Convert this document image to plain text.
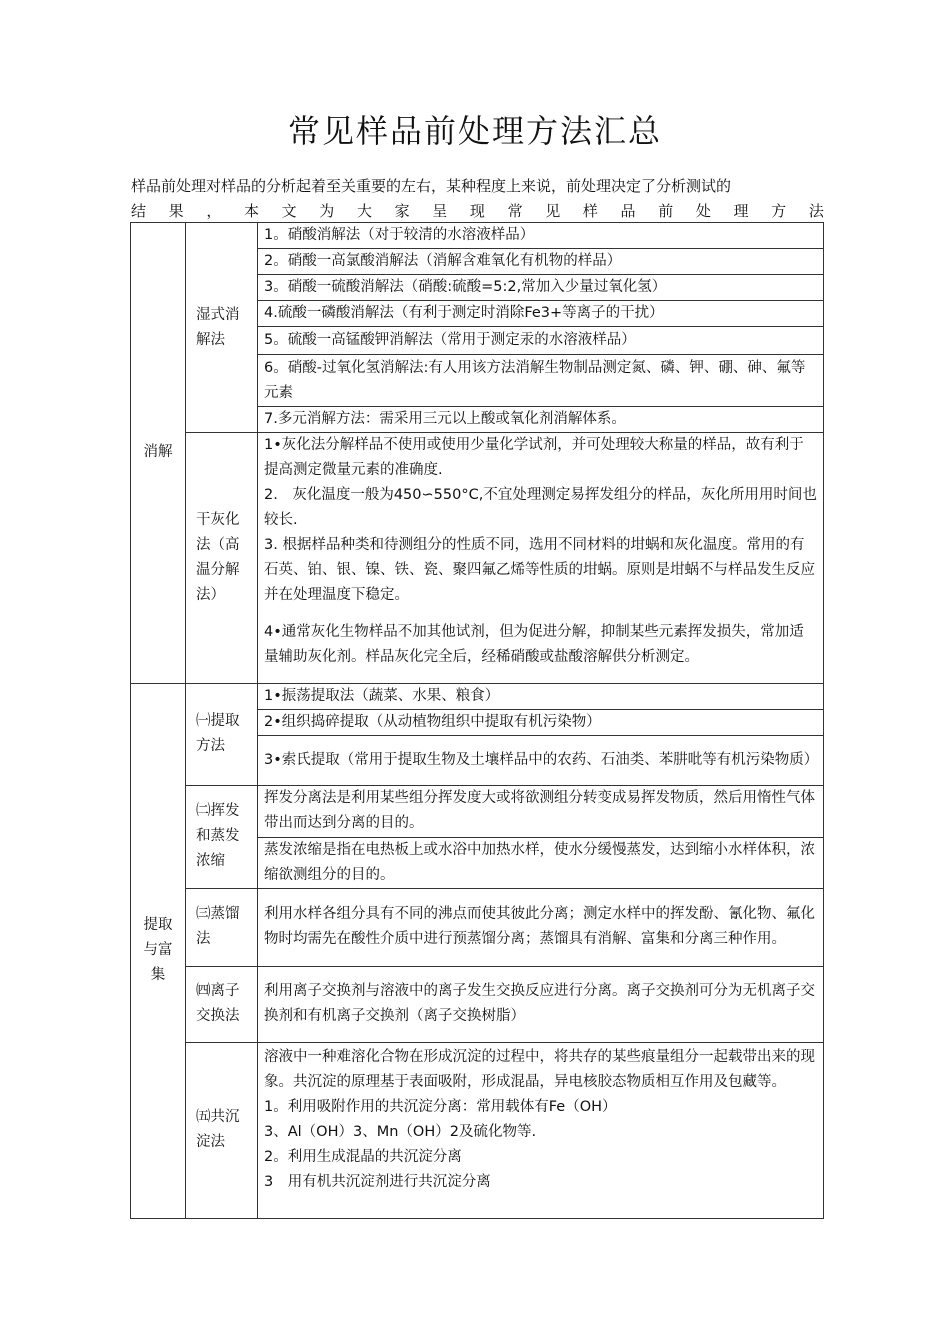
常见样品前处理方法汇总
样品前处理对样品的分析起着至关重要的左右，某种程度上来说，前处理决定了分析测试的
结 果 ， 本 文 为 大 家 呈 现 常 见 样 品 前 处 理 方 法
消解	湿式消解法	1。硝酸消解法（对于较清的水溶液样品）
		2。硝酸一高氯酸消解法（消解含难氧化有机物的样品）
		3。硝酸一硫酸消解法（硝酸:硫酸=5:2,常加入少量过氧化氢）
		4.硫酸一磷酸消解法（有利于测定时消除Fe3+等离子的干扰）
		5。硫酸一高锰酸钾消解法（常用于测定汞的水溶液样品）
		6。硝酸-过氧化氢消解法:有人用该方法消解生物制品测定氮、磷、钾、硼、砷、氟等元素
		7.多元消解方法：需采用三元以上酸或氧化剂消解体系。
	干灰化法（高温分解法）	1•灰化法分解样品不使用或使用少量化学试剂，并可处理较大称量的样品，故有利于提高测定微量元素的准确度.
		2.　灰化温度一般为450∽550°C,不宜处理测定易挥发组分的样品，灰化所用用时间也较长.
		3. 根据样品种类和待测组分的性质不同，选用不同材料的坩蜗和灰化温度。常用的有石英、铂、银、镍、铁、瓷、聚四氟乙烯等性质的坩蜗。原则是坩蜗不与样品发生反应并在处理温度下稳定。
		4•通常灰化生物样品不加其他试剂，但为促进分解，抑制某些元素挥发损失，常加适量辅助灰化剂。样品灰化完全后，经稀硝酸或盐酸溶解供分析测定。
提取与富集	㈠提取方法	1•振荡提取法（蔬菜、水果、粮食）
		2•组织捣碎提取（从动植物组织中提取有机污染物）
		3•索氏提取（常用于提取生物及土壤样品中的农药、石油类、苯肼吡等有机污染物质）
	㈡挥发和蒸发浓缩	挥发分离法是利用某些组分挥发度大或将欲测组分转变成易挥发物质，然后用惰性气体带出而达到分离的目的。
		蒸发浓缩是指在电热板上或水浴中加热水样，使水分缓慢蒸发，达到缩小水样体积，浓缩欲测组分的目的。
	㈢蒸馏法	利用水样各组分具有不同的沸点而使其彼此分离；测定水样中的挥发酚、氰化物、氟化物时均需先在酸性介质中进行预蒸馏分离；蒸馏具有消解、富集和分离三种作用。
	㈣离子交换法	利用离子交换剂与溶液中的离子发生交换反应进行分离。离子交换剂可分为无机离子交换剂和有机离子交换剂（离子交换树脂）
	㈤共沉淀法	溶液中一种难溶化合物在形成沉淀的过程中，将共存的某些痕量组分一起载带出来的现象。共沉淀的原理基于表面吸附，形成混晶，异电核胶态物质相互作用及包藏等。
1。利用吸附作用的共沉淀分离：常用载体有Fe（OH）
3、Al（OH）3、Mn（OH）2及硫化物等.
2。利用生成混晶的共沉淀分离
3　用有机共沉淀剂进行共沉淀分离
